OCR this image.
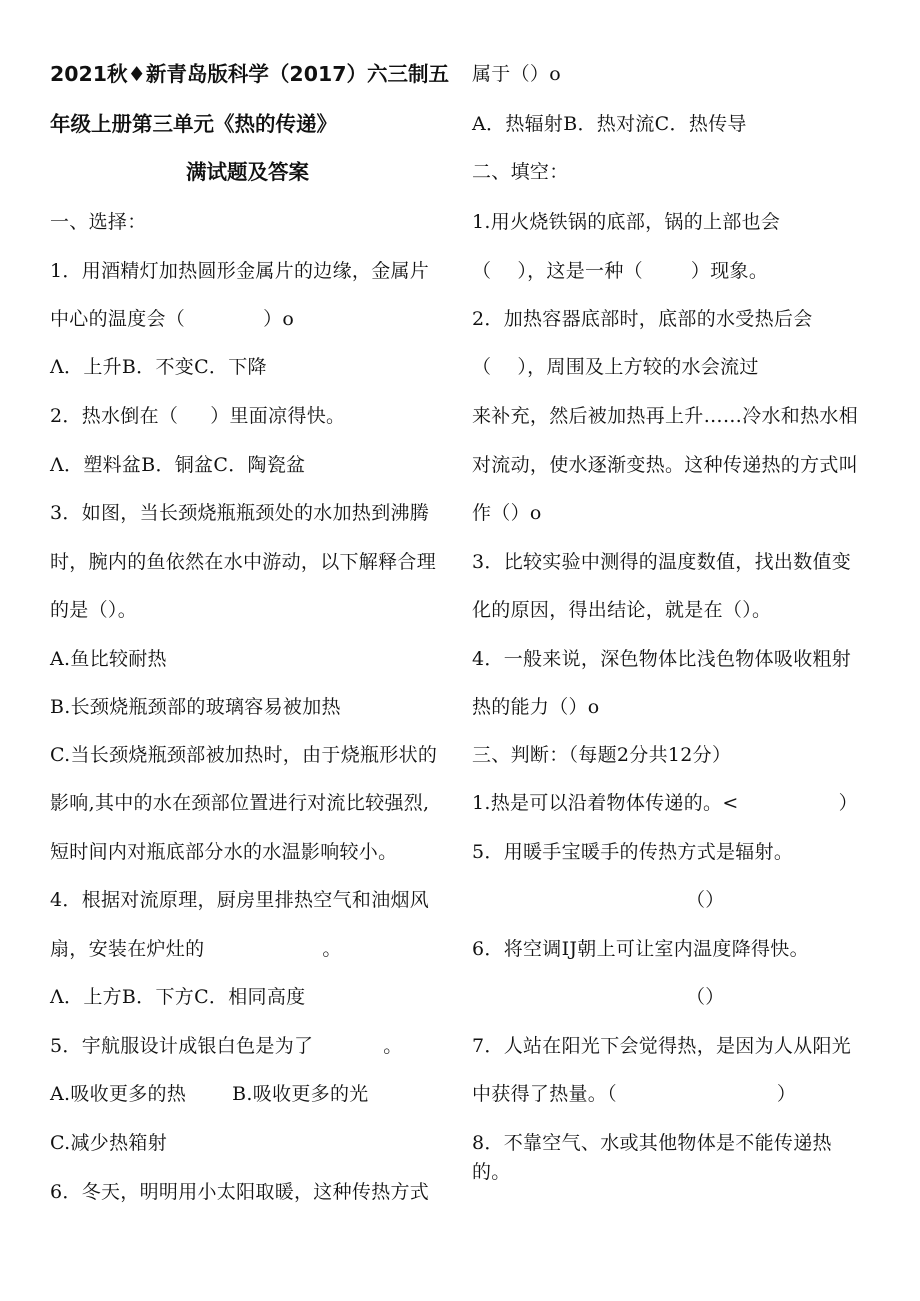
2021秋♦新青岛版科学（2017）六三制五
年级上册第三单元《热的传递》
满试题及答案
一、选择：
1．用酒精灯加热圆形金属片的边缘，金属片
中心的温度会（	）o
Λ．上升B．不变C．下降
2．热水倒在（ ）里面凉得快。
Λ．塑料盆B．铜盆C．陶瓷盆
3．如图，当长颈烧瓶瓶颈处的水加热到沸腾
时，腕内的鱼依然在水中游动，以下解释合理
的是（）。
A.鱼比较耐热
B.长颈烧瓶颈部的玻璃容易被加热
C.当长颈烧瓶颈部被加热时，由于烧瓶形状的
影响,其中的水在颈部位置进行对流比较强烈,
短时间内对瓶底部分水的水温影响较小。
4．根据对流原理，厨房里排热空气和油烟风
扇，安装在炉灶的	。
Λ．上方B．下方C．相同高度
5．宇航服设计成银白色是为了	。
A.吸收更多的热 B.吸收更多的光
C.减少热箱射
6．冬天，明明用小太阳取暖，这种传热方式
属于（）o
A．热辐射B．热对流C．热传导
二、填空：
1.用火烧铁锅的底部，锅的上部也会
（ ），这是一种（	）现象。
2．加热容器底部时，底部的水受热后会
（ ），周围及上方较的水会流过
来补充，然后被加热再上升……冷水和热水相
对流动，使水逐渐变热。这种传递热的方式叫
作（）o
3．比较实验中测得的温度数值，找出数值变
化的原因，得出结论，就是在（）。
4．一般来说，深色物体比浅色物体吸收粗射
热的能力（）o
三、判断：（每题2分共12分）
1.热是可以沿着物体传递的。<	）
5．用暖手宝暖手的传热方式是辐射。
（）
6．将空调IJ朝上可让室内温度降得快。
（）
7．人站在阳光下会觉得热，是因为人从阳光
中获得了热量。（	）
8．不靠空气、水或其他物体是不能传递热
的。
